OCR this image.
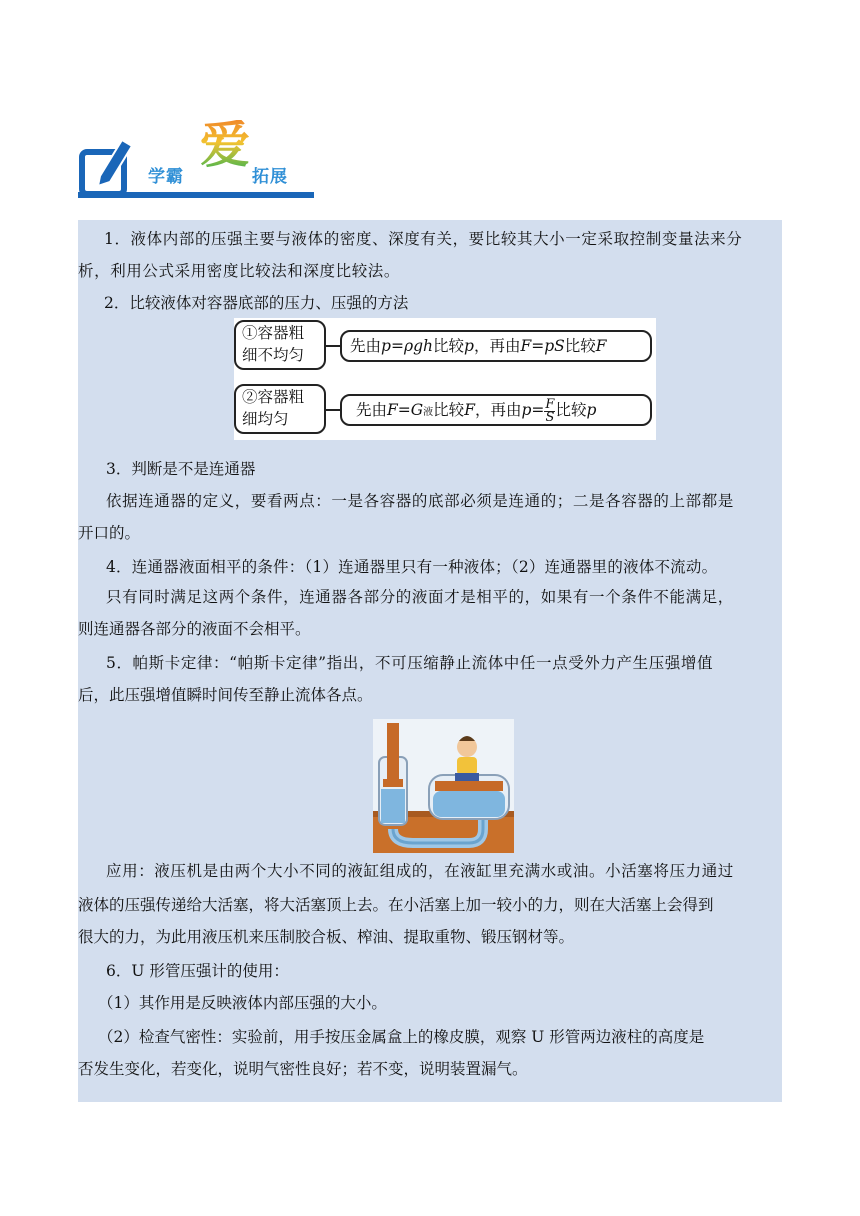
学霸
爱
拓展
1．液体内部的压强主要与液体的密度、深度有关，要比较其大小一定采取控制变量法来分
析，利用公式采用密度比较法和深度比较法。
2．比较液体对容器底部的压力、压强的方法
①容器粗
细不均匀	先由p=ρgh比较p，再由F=pS比较F
②容器粗
细均匀	先由F=G液比较F，再由$p= \frac{F}{S}$ 比较p
3．判断是不是连通器
依据连通器的定义，要看两点：一是各容器的底部必须是连通的；二是各容器的上部都是
开口的。
4．连通器液面相平的条件：（1）连通器里只有一种液体；（2）连通器里的液体不流动。
只有同时满足这两个条件，连通器各部分的液面才是相平的，如果有一个条件不能满足，
则连通器各部分的液面不会相平。
5．帕斯卡定律：“帕斯卡定律”指出，不可压缩静止流体中任一点受外力产生压强增值
后，此压强增值瞬时间传至静止流体各点。
应用：液压机是由两个大小不同的液缸组成的，在液缸里充满水或油。小活塞将压力通过
液体的压强传递给大活塞，将大活塞顶上去。在小活塞上加一较小的力，则在大活塞上会得到
很大的力，为此用液压机来压制胶合板、榨油、提取重物、锻压钢材等。
6．U 形管压强计的使用：
（1）其作用是反映液体内部压强的大小。
（2）检查气密性：实验前，用手按压金属盒上的橡皮膜，观察 U 形管两边液柱的高度是
否发生变化，若变化，说明气密性良好；若不变，说明装置漏气。
